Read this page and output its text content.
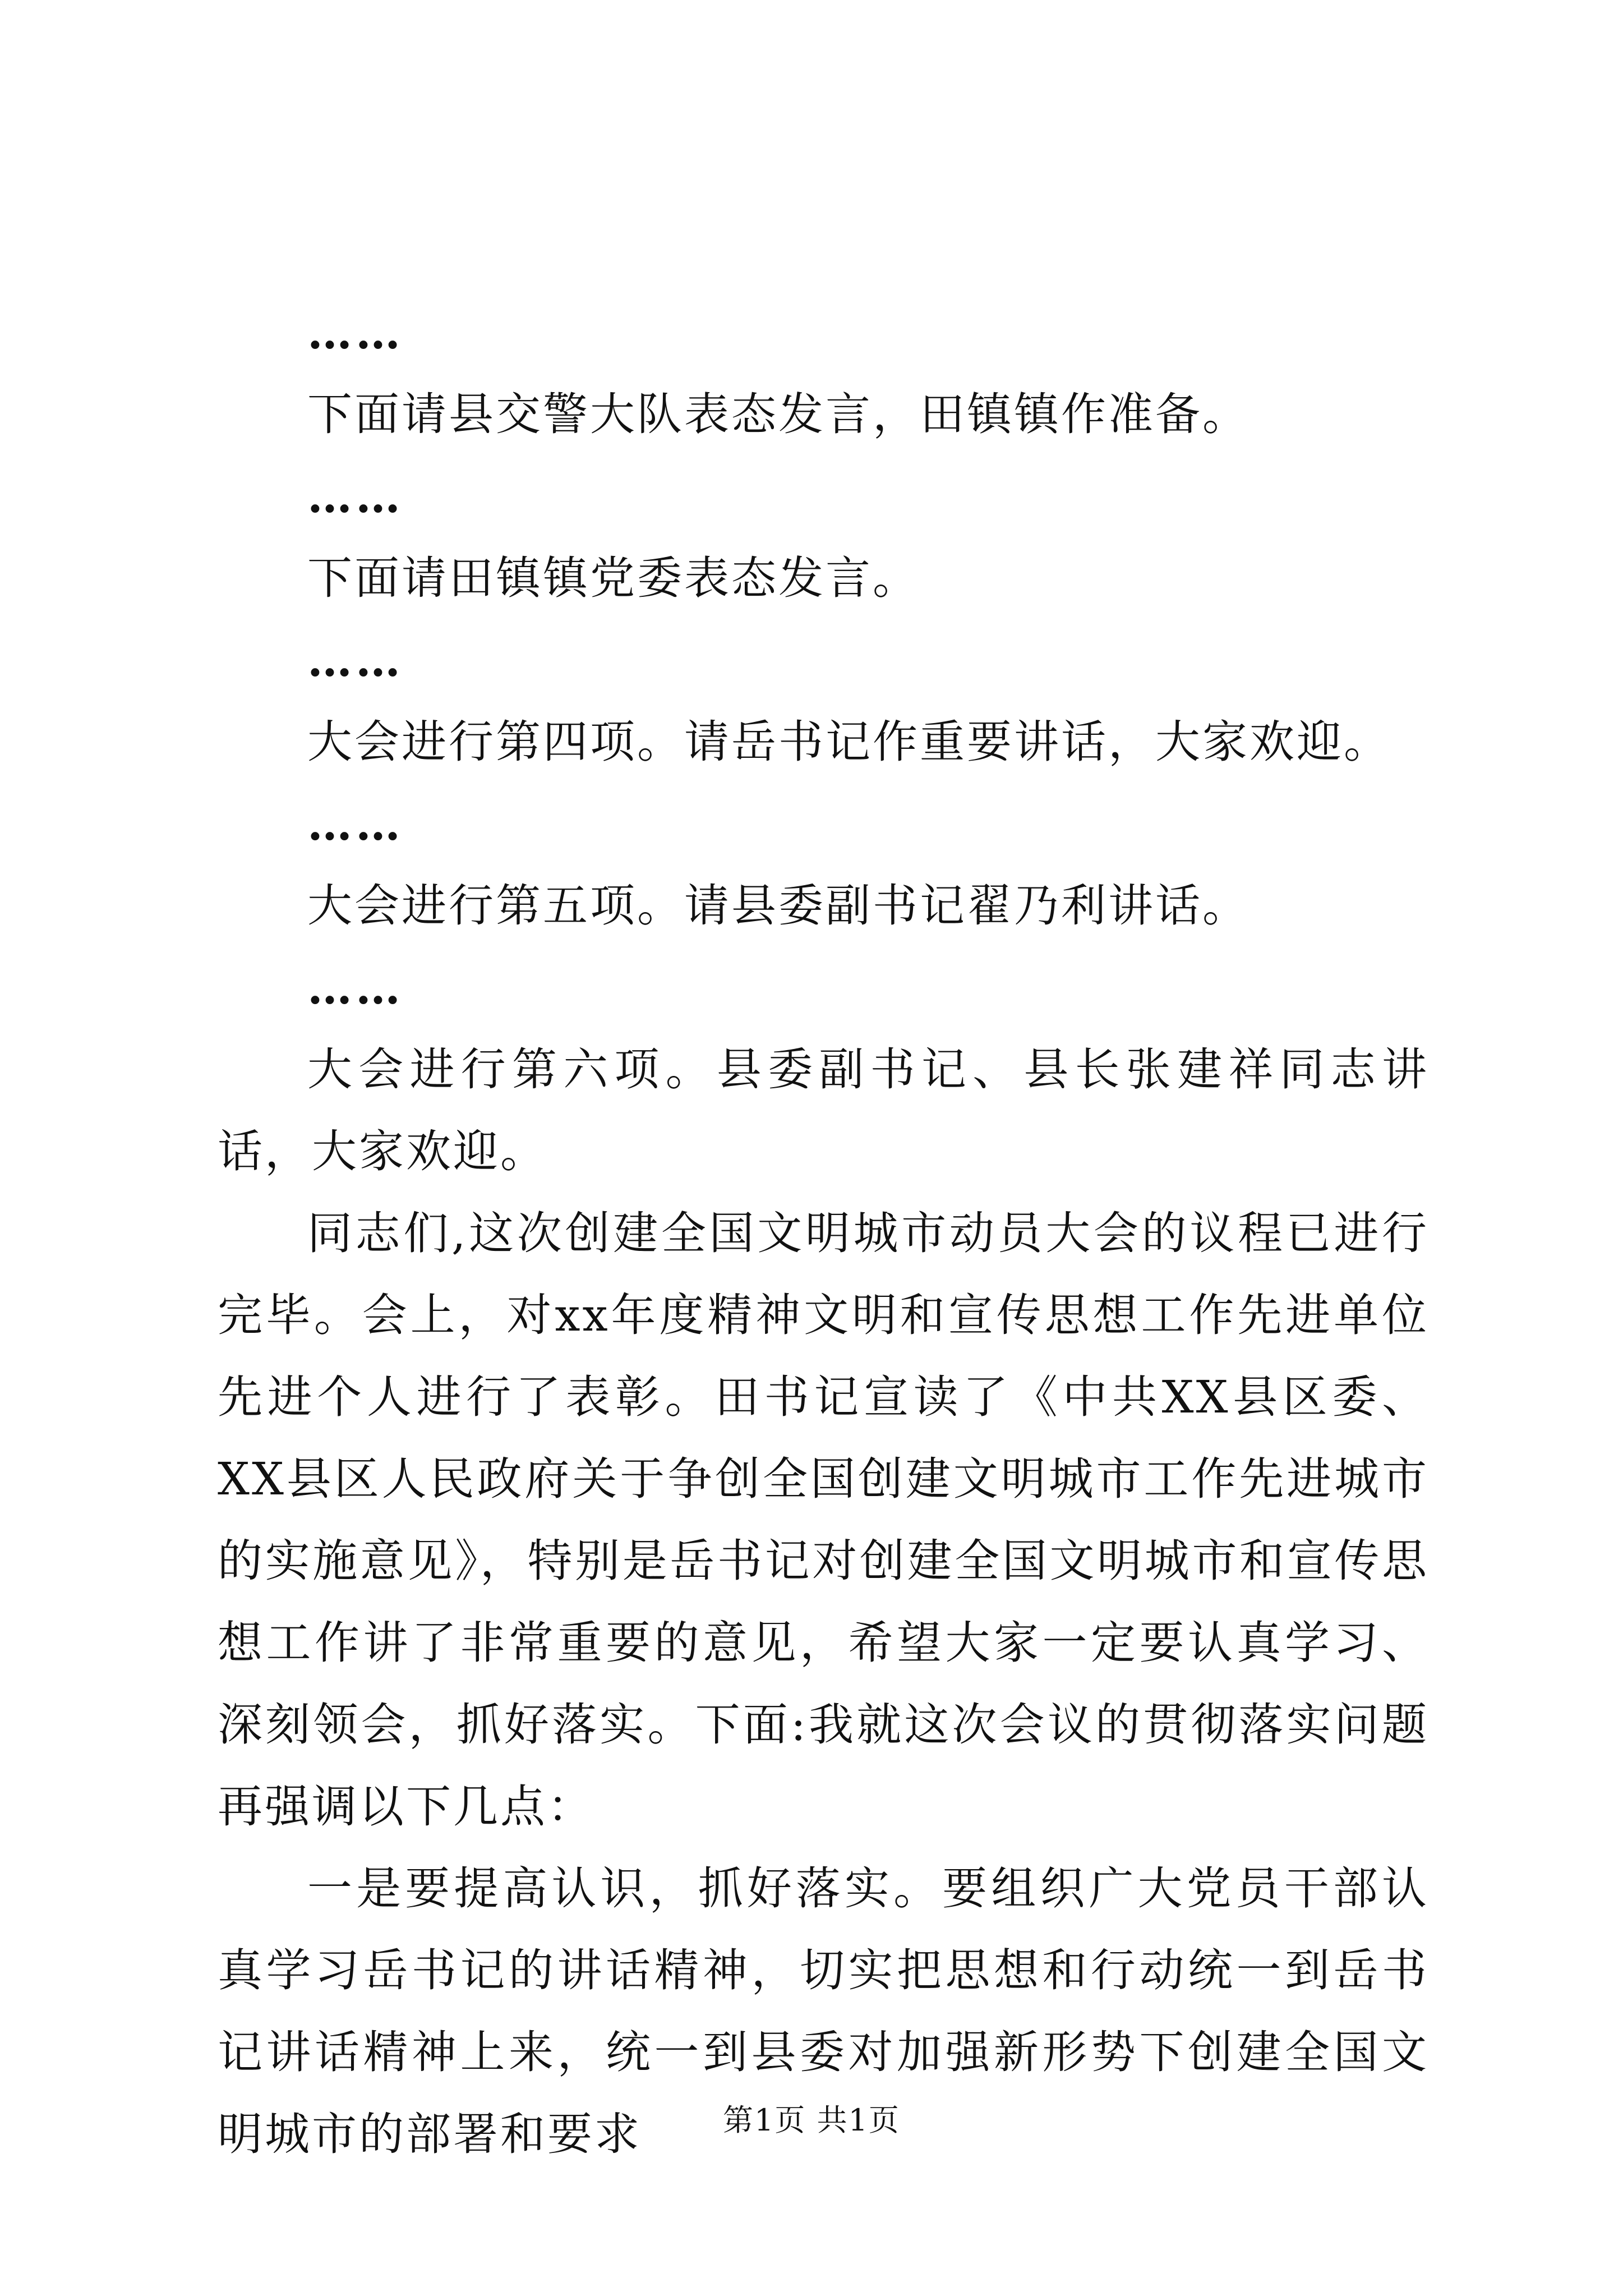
……

下面请县交警大队表态发言，田镇镇作准备。

……

下面请田镇镇党委表态发言。

……

大会进行第四项。请岳书记作重要讲话，大家欢迎。

……

大会进行第五项。请县委副书记翟乃利讲话。

……

大会进行第六项。县委副书记、县长张建祥同志讲话，大家欢迎。

同志们,这次创建全国文明城市动员大会的议程已进行完毕。会上，对xx年度精神文明和宣传思想工作先进单位先进个人进行了表彰。田书记宣读了《中共XX县区委、XX县区人民政府关于争创全国创建文明城市工作先进城市的实施意见》，特别是岳书记对创建全国文明城市和宣传思想工作讲了非常重要的意见，希望大家一定要认真学习、深刻领会，抓好落实。下面:我就这次会议的贯彻落实问题再强调以下几点：

一是要提高认识，抓好落实。要组织广大党员干部认真学习岳书记的讲话精神，切实把思想和行动统一到岳书记讲话精神上来，统一到县委对加强新形势下创建全国文明城市的部署和要求	第1页 共1页
